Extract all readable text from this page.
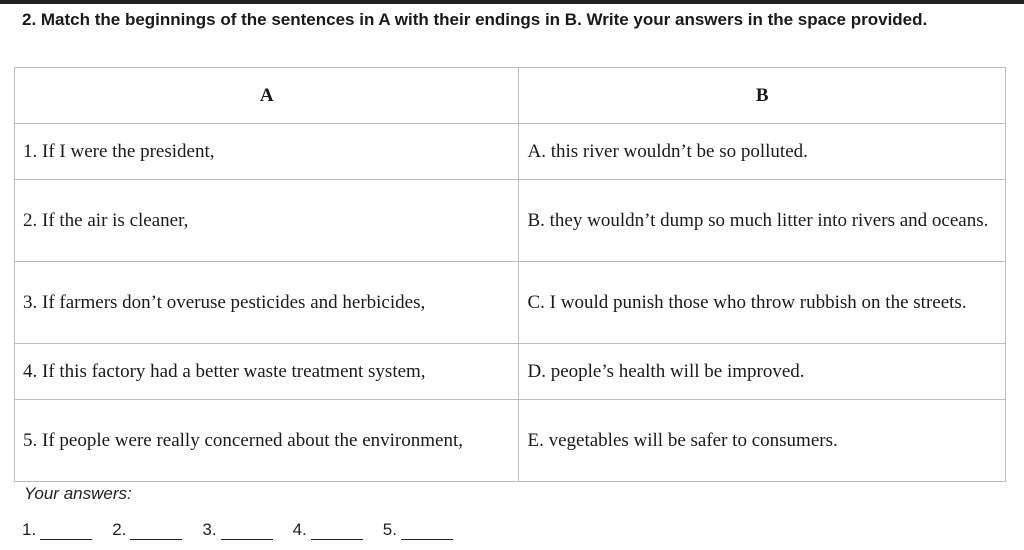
2. Match the beginnings of the sentences in A with their endings in B. Write your answers in the space provided.
A	B
1. If I were the president,	A. this river wouldn’t be so polluted.
2. If the air is cleaner,	B. they wouldn’t dump so much litter into rivers and oceans.
3. If farmers don’t overuse pesticides and herbicides,	C. I would punish those who throw rubbish on the streets.
4. If this factory had a better waste treatment system,	D. people’s health will be improved.
5. If people were really concerned about the environment,	E. vegetables will be safer to consumers.
Your answers:
1.	2.	3.	4.	5.
